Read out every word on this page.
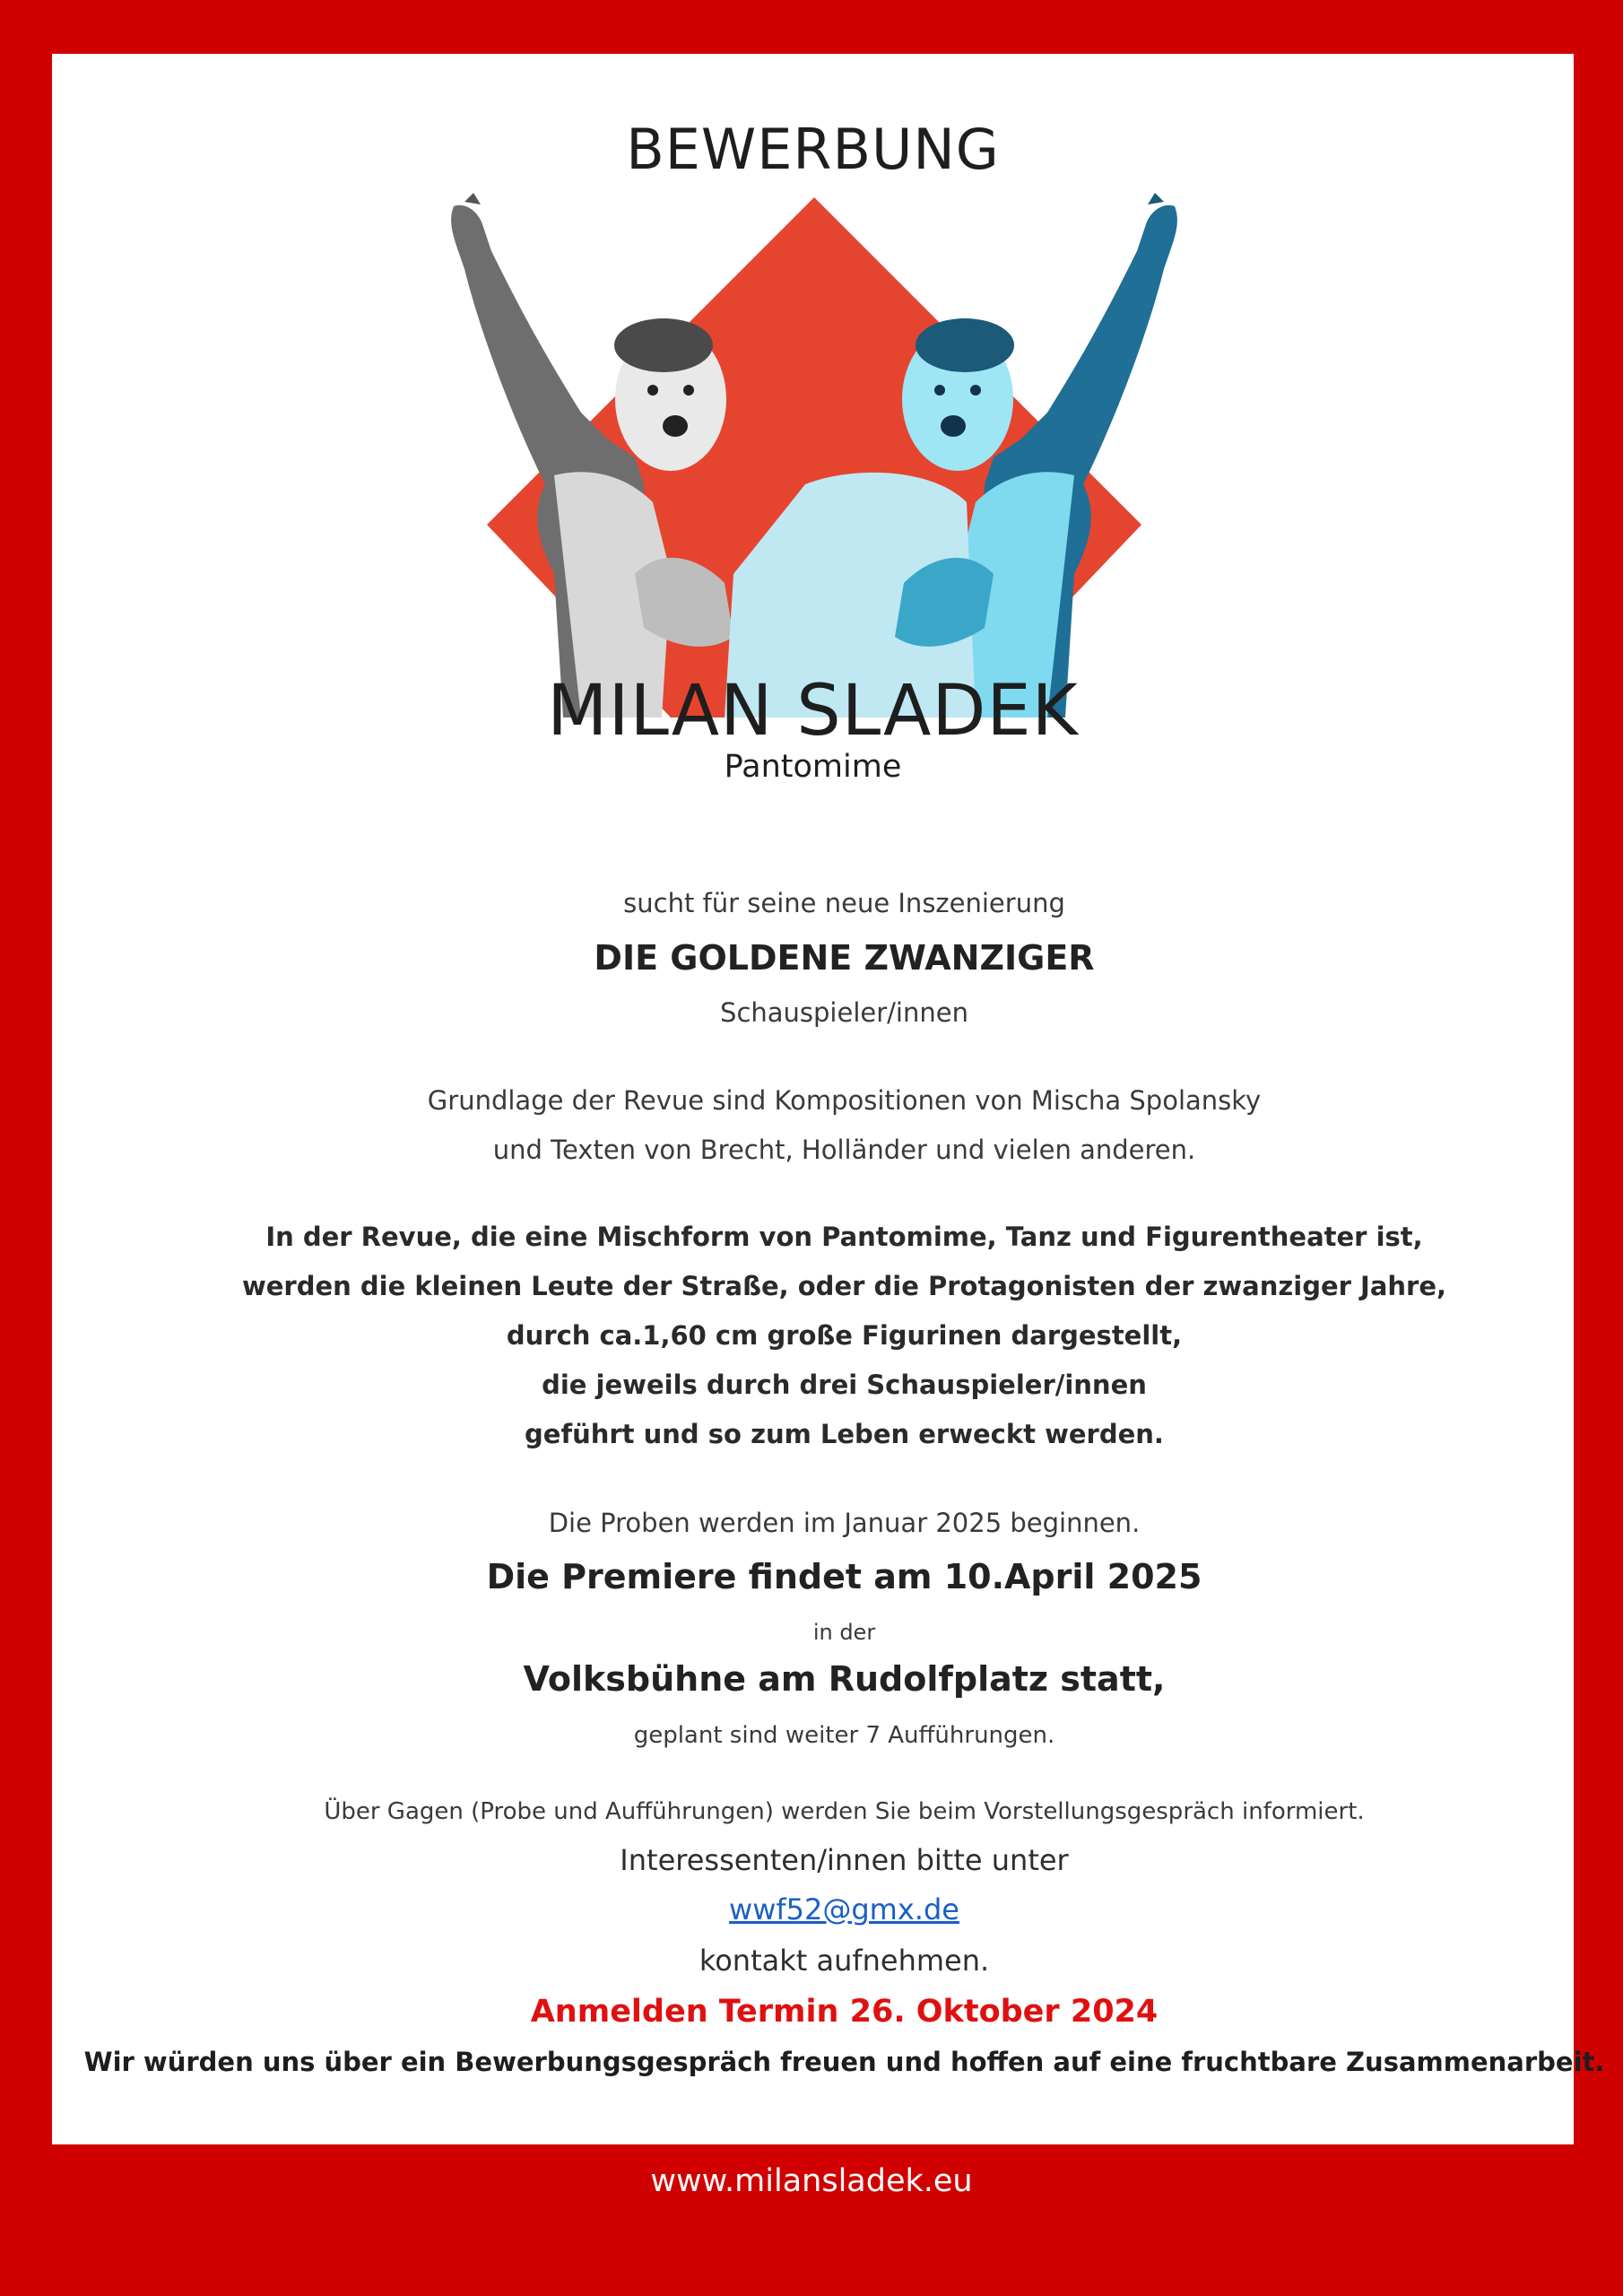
BEWERBUNG
MILAN SLADEK
Pantomime
sucht für seine neue Inszenierung
DIE GOLDENE ZWANZIGER
Schauspieler/innen
Grundlage der Revue sind Kompositionen von Mischa Spolansky
und Texten von Brecht, Holländer und vielen anderen.
In der Revue, die eine Mischform von Pantomime, Tanz und Figurentheater ist,
werden die kleinen Leute der Straße, oder die Protagonisten der zwanziger Jahre,
durch ca.1,60 cm große Figurinen dargestellt,
die jeweils durch drei Schauspieler/innen
geführt und so zum Leben erweckt werden.
Die Proben werden im Januar 2025 beginnen.
Die Premiere findet am 10.April 2025
in der
Volksbühne am Rudolfplatz statt,
geplant sind weiter 7 Aufführungen.
Über Gagen (Probe und Aufführungen) werden Sie beim Vorstellungsgespräch informiert.
Interessenten/innen bitte unter
wwf52@gmx.de
kontakt aufnehmen.
Anmelden Termin 26. Oktober 2024
Wir würden uns über ein Bewerbungsgespräch freuen und hoffen auf eine fruchtbare Zusammenarbeit.
www.milansladek.eu
